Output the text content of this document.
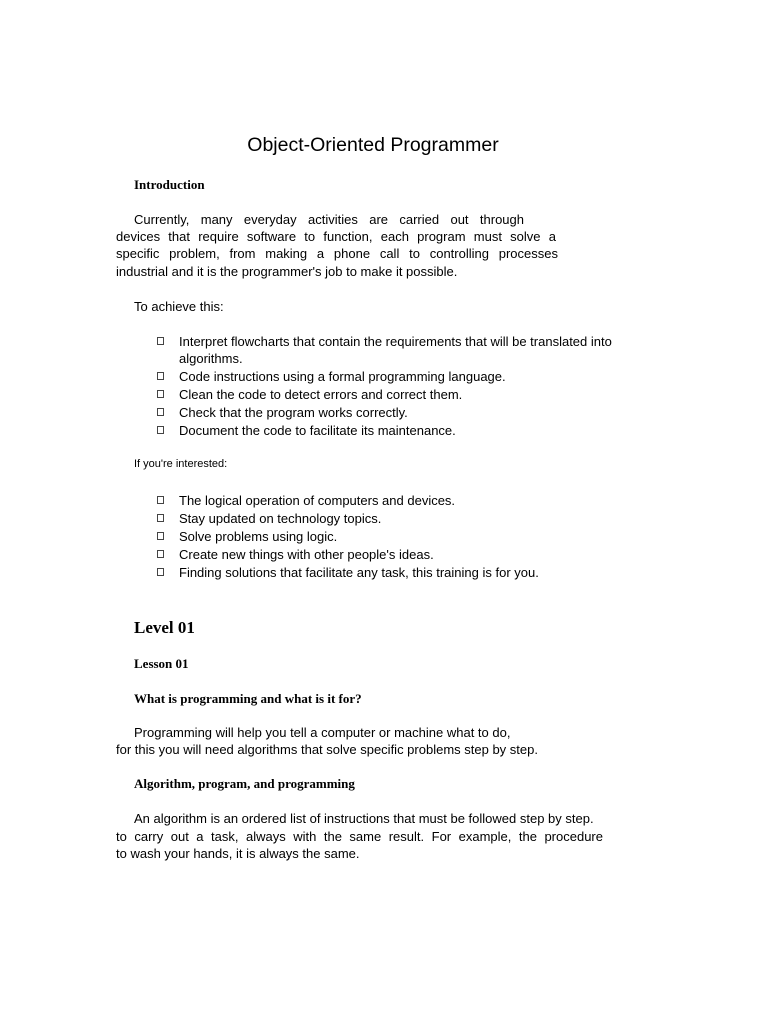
Object-Oriented Programmer
Introduction
Currently, many everyday activities are carried out through
devices that require software to function, each program must solve a
specific problem, from making a phone call to controlling processes
industrial and it is the programmer's job to make it possible.
To achieve this:
Interpret flowcharts that contain the requirements that will be translated into
algorithms.
Code instructions using a formal programming language.
Clean the code to detect errors and correct them.
Check that the program works correctly.
Document the code to facilitate its maintenance.
If you're interested:
The logical operation of computers and devices.
Stay updated on technology topics.
Solve problems using logic.
Create new things with other people's ideas.
Finding solutions that facilitate any task, this training is for you.
Level 01
Lesson 01
What is programming and what is it for?
Programming will help you tell a computer or machine what to do,
for this you will need algorithms that solve specific problems step by step.
Algorithm, program, and programming
An algorithm is an ordered list of instructions that must be followed step by step.
to carry out a task, always with the same result. For example, the procedure
to wash your hands, it is always the same.
